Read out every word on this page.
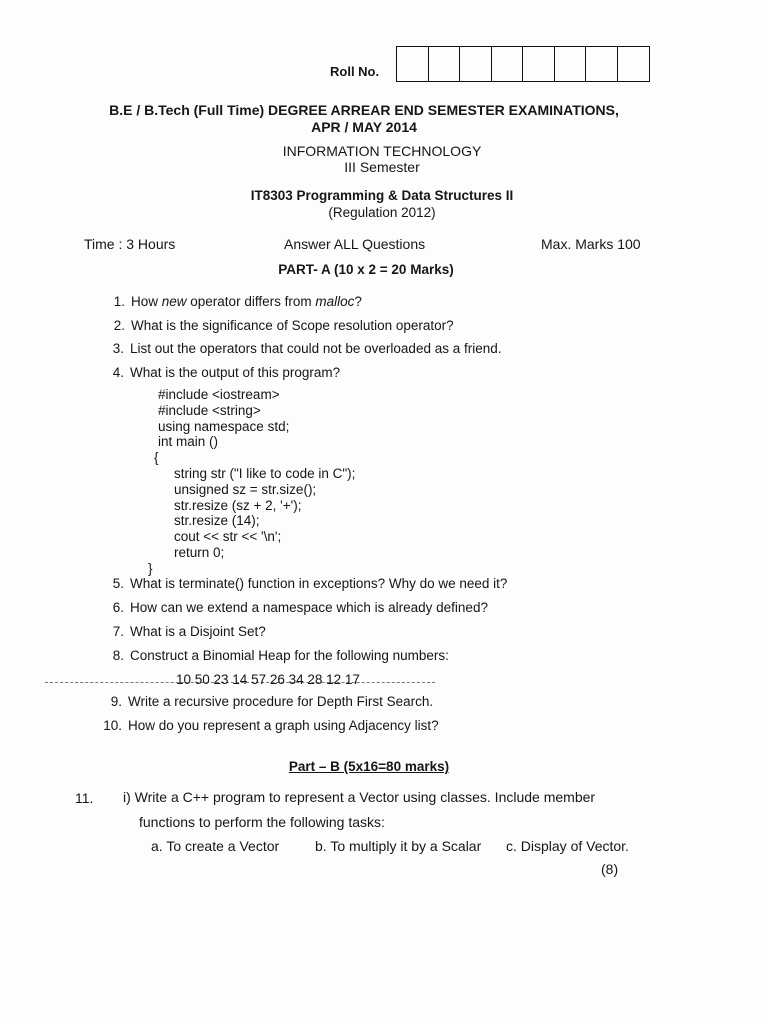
Roll No.
B.E / B.Tech (Full Time) DEGREE ARREAR END SEMESTER EXAMINATIONS,
APR / MAY 2014
INFORMATION TECHNOLOGY
III Semester
IT8303 Programming & Data Structures II
(Regulation 2012)
Time : 3 Hours	Answer ALL Questions	Max. Marks 100
PART- A (10 x 2 = 20 Marks)
1. How new operator differs from malloc?
2. What is the significance of Scope resolution operator?
3. List out the operators that could not be overloaded as a friend.
4. What is the output of this program?
#include <iostream>
#include <string>
using namespace std;
int main ()
{
string str ("I like to code in C");
unsigned sz = str.size();
str.resize (sz + 2, '+');
str.resize (14);
cout << str << '\n';
return 0;
}
5. What is terminate() function in exceptions? Why do we need it?
6. How can we extend a namespace which is already defined?
7. What is a Disjoint Set?
8. Construct a Binomial Heap for the following numbers:
10 50 23 14 57 26 34 28 12 17
9. Write a recursive procedure for Depth First Search.
10. How do you represent a graph using Adjacency list?
Part – B (5x16=80 marks)
11. i) Write a C++ program to represent a Vector using classes. Include member
functions to perform the following tasks:
a. To create a Vector	b. To multiply it by a Scalar c. Display of Vector.
(8)
